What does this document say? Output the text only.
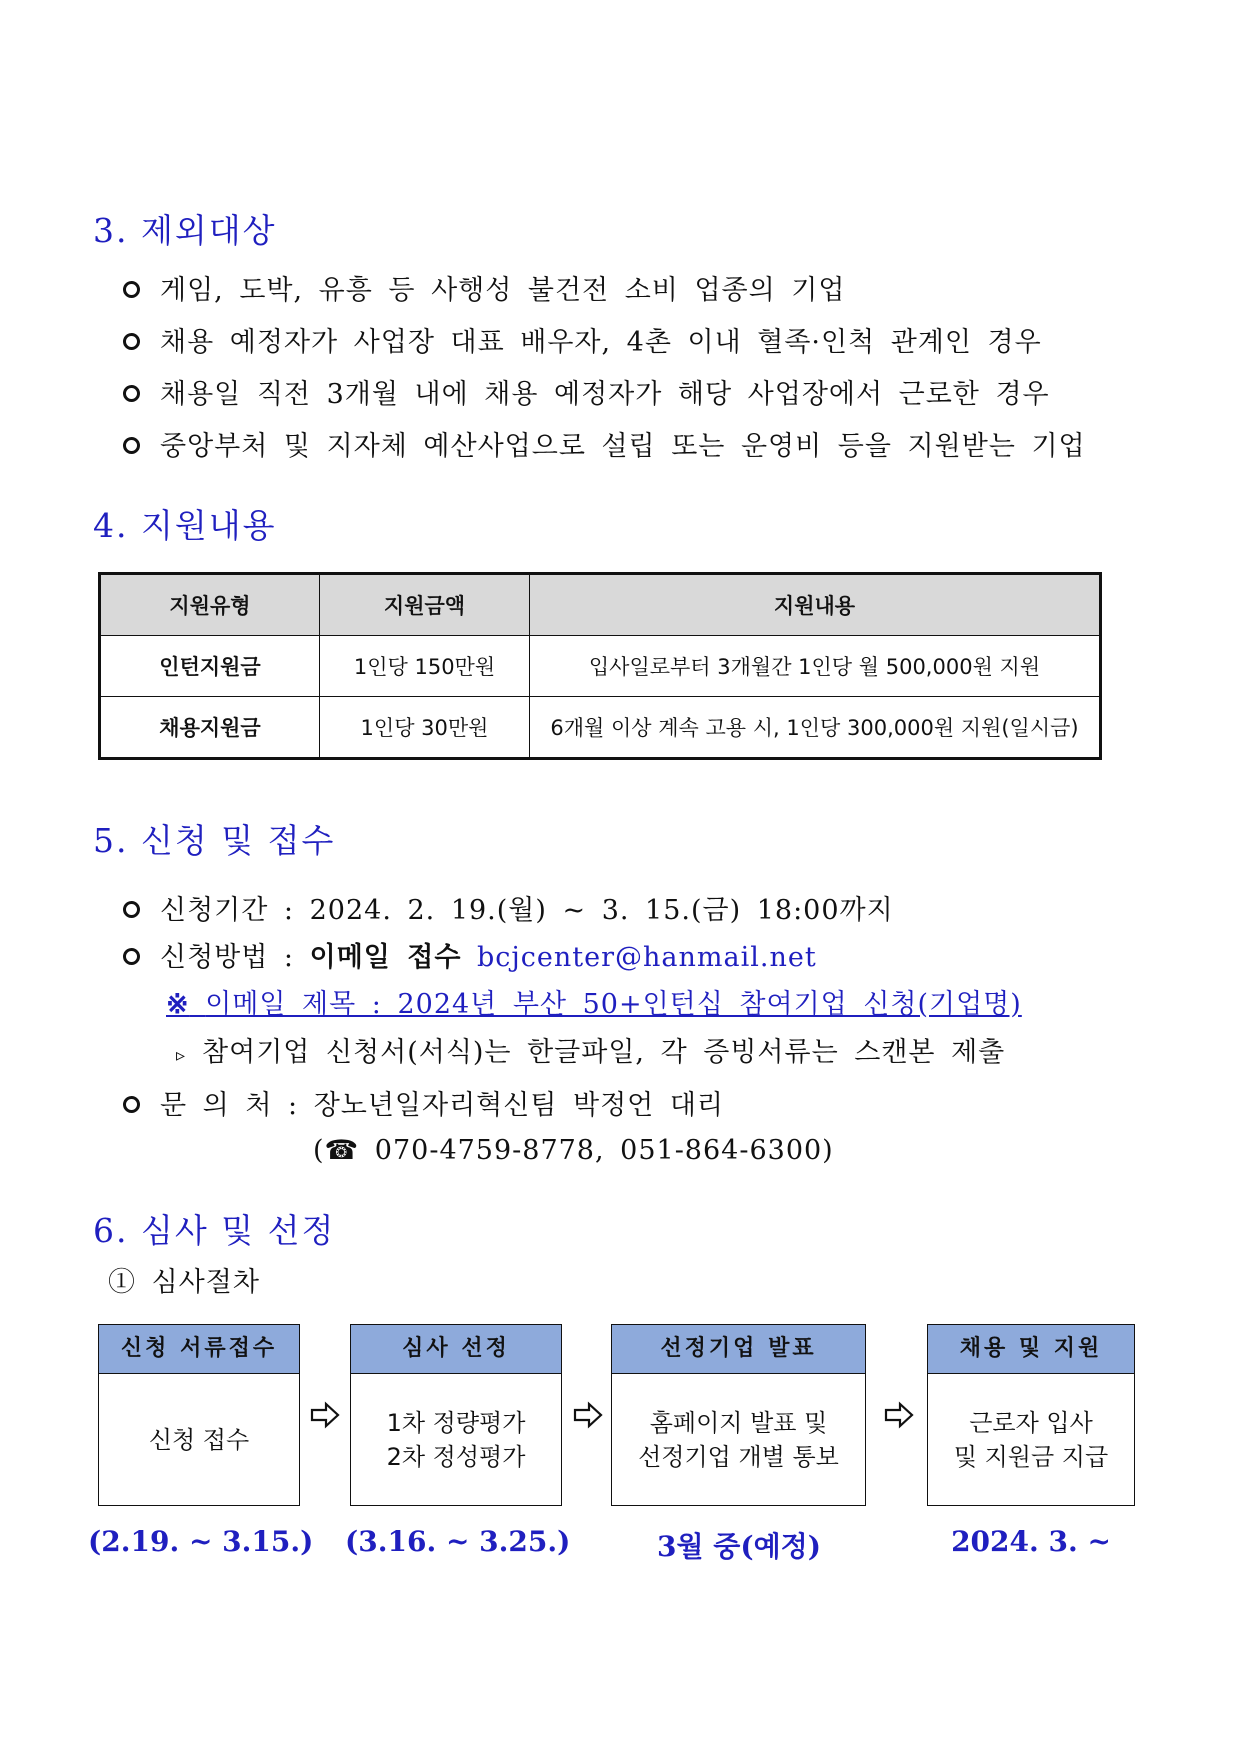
3. 제외대상
게임, 도박, 유흥 등 사행성 불건전 소비 업종의 기업
채용 예정자가 사업장 대표 배우자, 4촌 이내 혈족·인척 관계인 경우
채용일 직전 3개월 내에 채용 예정자가 해당 사업장에서 근로한 경우
중앙부처 및 지자체 예산사업으로 설립 또는 운영비 등을 지원받는 기업
4. 지원내용
지원유형	지원금액	지원내용
인턴지원금	1인당 150만원	입사일로부터 3개월간 1인당 월 500,000원 지원
채용지원금	1인당 30만원	6개월 이상 계속 고용 시, 1인당 300,000원 지원(일시금)
5. 신청 및 접수
신청기간 : 2024. 2. 19.(월) ~ 3. 15.(금) 18:00까지
신청방법 : 이메일 접수 bcjcenter@hanmail.net
※ 이메일 제목 : 2024년 부산 50+인턴십 참여기업 신청(기업명)
▹ 참여기업 신청서(서식)는 한글파일, 각 증빙서류는 스캔본 제출
문 의 처 : 장노년일자리혁신팀 박정언 대리
(☎ 070-4759-8778, 051-864-6300)
6. 심사 및 선정
① 심사절차
신청 서류접수
신청 접수
심사 선정
1차 정량평가
2차 정성평가
선정기업 발표
홈페이지 발표 및
선정기업 개별 통보
채용 및 지원
근로자 입사
및 지원금 지급
(2.19. ~ 3.15.) (3.16. ~ 3.25.)	3월 중(예정)	2024. 3. ~
